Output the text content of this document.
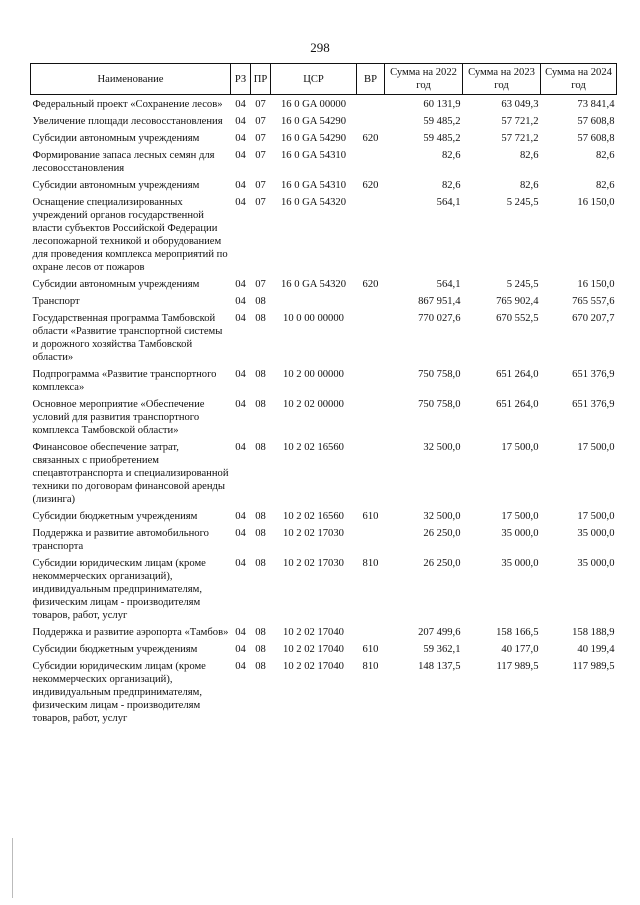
298
Наименование	РЗ	ПР	ЦСР	ВР	Сумма на 2022 год	Сумма на 2023 год	Сумма на 2024 год

Федеральный проект «Сохранение лесов»	04	07	16 0 GA 00000		60 131,9	63 049,3	73 841,4
Увеличение площади лесовосстановления	04	07	16 0 GA 54290		59 485,2	57 721,2	57 608,8
Субсидии автономным учреждениям	04	07	16 0 GA 54290	620	59 485,2	57 721,2	57 608,8
Формирование запаса лесных семян для лесовосстановления	04	07	16 0 GA 54310		82,6	82,6	82,6
Субсидии автономным учреждениям	04	07	16 0 GA 54310	620	82,6	82,6	82,6
Оснащение специализированных учреждений органов государственной власти субъектов Российской Федерации лесопожарной техникой и оборудованием для проведения комплекса мероприятий по охране лесов от пожаров	04	07	16 0 GA 54320		564,1	5 245,5	16 150,0
Субсидии автономным учреждениям	04	07	16 0 GA 54320	620	564,1	5 245,5	16 150,0
Транспорт	04	08			867 951,4	765 902,4	765 557,6
Государственная программа Тамбовской области «Развитие транспортной системы и дорожного хозяйства Тамбовской области»	04	08	10 0 00 00000		770 027,6	670 552,5	670 207,7
Подпрограмма «Развитие транспортного комплекса»	04	08	10 2 00 00000		750 758,0	651 264,0	651 376,9
Основное мероприятие «Обеспечение условий для развития транспортного комплекса Тамбовской области»	04	08	10 2 02 00000		750 758,0	651 264,0	651 376,9
Финансовое обеспечение затрат, связанных с приобретением спецавтотранспорта и специализированной техники по договорам финансовой аренды (лизинга)	04	08	10 2 02 16560		32 500,0	17 500,0	17 500,0
Субсидии бюджетным учреждениям	04	08	10 2 02 16560	610	32 500,0	17 500,0	17 500,0
Поддержка и развитие автомобильного транспорта	04	08	10 2 02 17030		26 250,0	35 000,0	35 000,0
Субсидии юридическим лицам (кроме некоммерческих организаций), индивидуальным предпринимателям, физическим лицам - производителям товаров, работ, услуг	04	08	10 2 02 17030	810	26 250,0	35 000,0	35 000,0
Поддержка и развитие аэропорта «Тамбов»	04	08	10 2 02 17040		207 499,6	158 166,5	158 188,9
Субсидии бюджетным учреждениям	04	08	10 2 02 17040	610	59 362,1	40 177,0	40 199,4
Субсидии юридическим лицам (кроме некоммерческих организаций), индивидуальным предпринимателям, физическим лицам - производителям товаров, работ, услуг	04	08	10 2 02 17040	810	148 137,5	117 989,5	117 989,5
